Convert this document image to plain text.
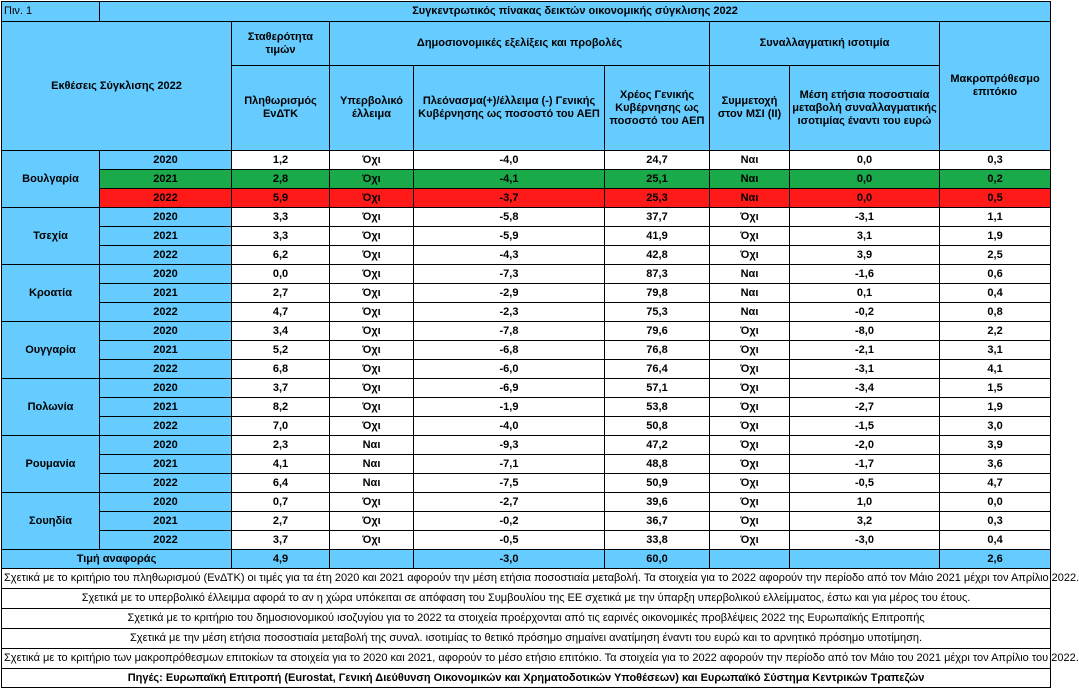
Πιν. 1	Συγκεντρωτικός πίνακας δεικτών οικονομικής σύγκλισης 2022							
Εκθέσεις Σύγκλισης 2022		Σταθερότητα τιμών	Δημοσιονομικές εξελίξεις και προβολές			Συναλλαγματική ισοτιμία		Μακροπρόθεσμο επιτόκιο
		Πληθωρισμός ΕνΔΤΚ	Υπερβολικό έλλειμα	Πλεόνασμα(+)/έλλειμα (-) Γενικής Κυβέρνησης ως ποσοστό του ΑΕΠ	Χρέος Γενικής Κυβέρνησης ως ποσοστό του ΑΕΠ	Συμμετοχή στον ΜΣΙ (ΙΙ)	Μέση ετήσια ποσοστιαία μεταβολή συναλλαγματικής ισοτιμίας έναντι του ευρώ	
Βουλγαρία	2020	1,2	Όχι	-4,0	24,7	Ναι	0,0	0,3
	2021	2,8	Όχι	-4,1	25,1	Ναι	0,0	0,2
	2022	5,9	Όχι	-3,7	25,3	Ναι	0,0	0,5
Τσεχία	2020	3,3	Όχι	-5,8	37,7	Όχι	-3,1	1,1
	2021	3,3	Όχι	-5,9	41,9	Όχι	3,1	1,9
	2022	6,2	Όχι	-4,3	42,8	Όχι	3,9	2,5
Κροατία	2020	0,0	Όχι	-7,3	87,3	Ναι	-1,6	0,6
	2021	2,7	Όχι	-2,9	79,8	Ναι	0,1	0,4
	2022	4,7	Όχι	-2,3	75,3	Ναι	-0,2	0,8
Ουγγαρία	2020	3,4	Όχι	-7,8	79,6	Όχι	-8,0	2,2
	2021	5,2	Όχι	-6,8	76,8	Όχι	-2,1	3,1
	2022	6,8	Όχι	-6,0	76,4	Όχι	-3,1	4,1
Πολωνία	2020	3,7	Όχι	-6,9	57,1	Όχι	-3,4	1,5
	2021	8,2	Όχι	-1,9	53,8	Όχι	-2,7	1,9
	2022	7,0	Όχι	-4,0	50,8	Όχι	-1,5	3,0
Ρουμανία	2020	2,3	Ναι	-9,3	47,2	Όχι	-2,0	3,9
	2021	4,1	Ναι	-7,1	48,8	Όχι	-1,7	3,6
	2022	6,4	Ναι	-7,5	50,9	Όχι	-0,5	4,7
Σουηδία	2020	0,7	Όχι	-2,7	39,6	Όχι	1,0	0,0
	2021	2,7	Όχι	-0,2	36,7	Όχι	3,2	0,3
	2022	3,7	Όχι	-0,5	33,8	Όχι	-3,0	0,4
Τιμή αναφοράς		4,9		-3,0	60,0			2,6
Σχετικά με το κριτήριο του πληθωρισμού (ΕνΔΤΚ) οι τιμές για τα έτη 2020 και 2021 αφορούν την μέση ετήσια ποσοστιαία μεταβολή. Τα στοιχεία για το 2022 αφορούν την περίοδο από τον Μάιο 2021 μέχρι τον Απρίλιο 2022.								
Σχετικά με το υπερβολικό έλλειμμα αφορά το αν η χώρα υπόκειται σε απόφαση του Συμβουλίου της ΕΕ σχετικά με την ύπαρξη υπερβολικού ελλείμματος, έστω και για μέρος του έτους.								
Σχετικά με το κριτήριο του δημοσιονομικού ισοζυγίου για το 2022 τα στοιχεία προέρχονται από τις εαρινές οικονομικές προβλέψεις 2022 της Ευρωπαϊκής Επιτροπής								
Σχετικά με την μέση ετήσια ποσοστιαία μεταβολή της συναλ. ισοτιμίας το θετικό πρόσημο σημαίνει ανατίμηση έναντι του ευρώ και το αρνητικό πρόσημο υποτίμηση.								
Σχετικά με το κριτήριο των μακροπρόθεσμων επιτοκίων τα στοιχεία για το 2020 και 2021, αφορούν το μέσο ετήσιο επιτόκιο. Τα στοιχεία για το 2022 αφορούν την περίοδο από τον Μάιο του 2021 μέχρι τον Απρίλιο του 2022.								
Πηγές: Ευρωπαϊκή Επιτροπή (Eurostat, Γενική Διεύθυνση Οικονομικών και Χρηματοδοτικών Υποθέσεων) και Ευρωπαϊκό Σύστημα Κεντρικών Τραπεζών								
